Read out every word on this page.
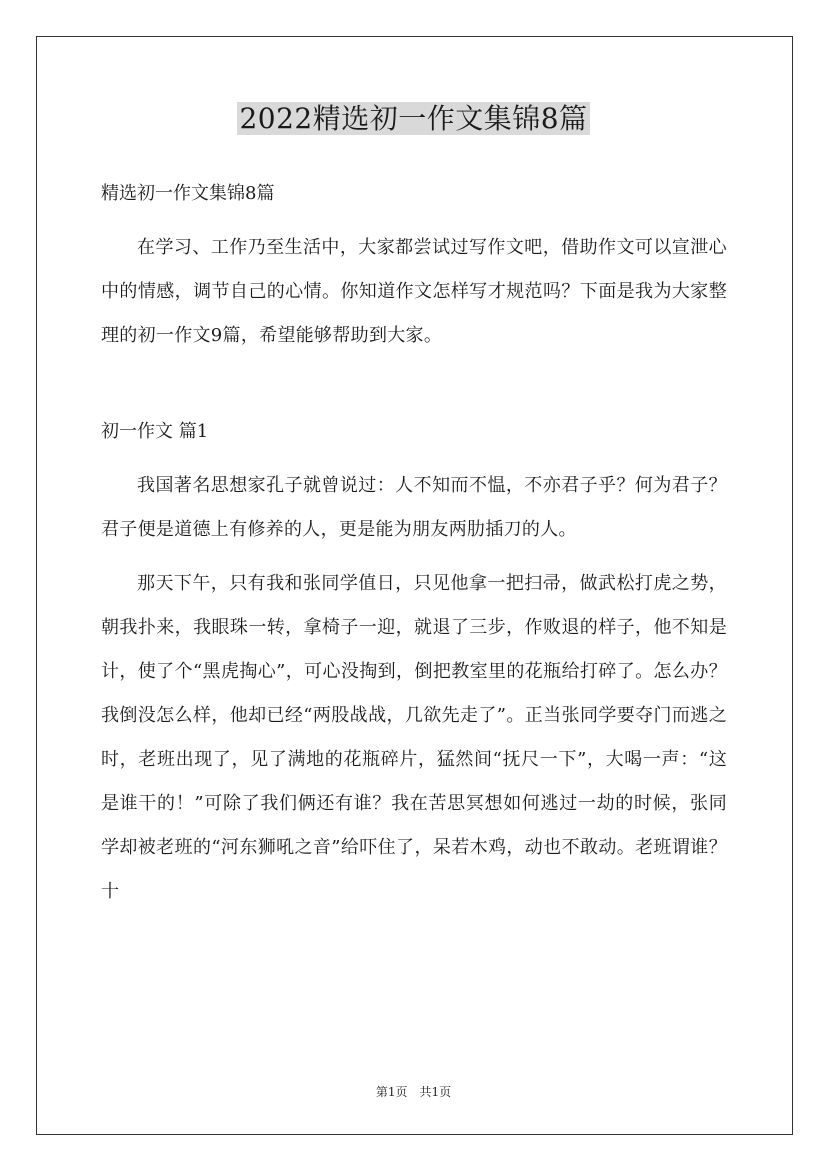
2022精选初一作文集锦8篇

精选初一作文集锦8篇

在学习、工作乃至生活中，大家都尝试过写作文吧，借助作文可以宣泄心中的情感，调节自己的心情。你知道作文怎样写才规范吗？下面是我为大家整理的初一作文9篇，希望能够帮助到大家。

初一作文 篇1

我国著名思想家孔子就曾说过：人不知而不愠，不亦君子乎？何为君子？君子便是道德上有修养的人，更是能为朋友两肋插刀的人。

那天下午，只有我和张同学值日，只见他拿一把扫帚，做武松打虎之势，朝我扑来，我眼珠一转，拿椅子一迎，就退了三步，作败退的样子，他不知是计，使了个“黑虎掏心”，可心没掏到，倒把教室里的花瓶给打碎了。怎么办？我倒没怎么样，他却已经“两股战战，几欲先走了”。正当张同学要夺门而逃之时，老班出现了，见了满地的花瓶碎片，猛然间“抚尺一下”，大喝一声：“这是谁干的！”可除了我们俩还有谁？我在苦思冥想如何逃过一劫的时候，张同学却被老班的“河东狮吼之音”给吓住了，呆若木鸡，动也不敢动。老班谓谁？十

第1页 共1页
